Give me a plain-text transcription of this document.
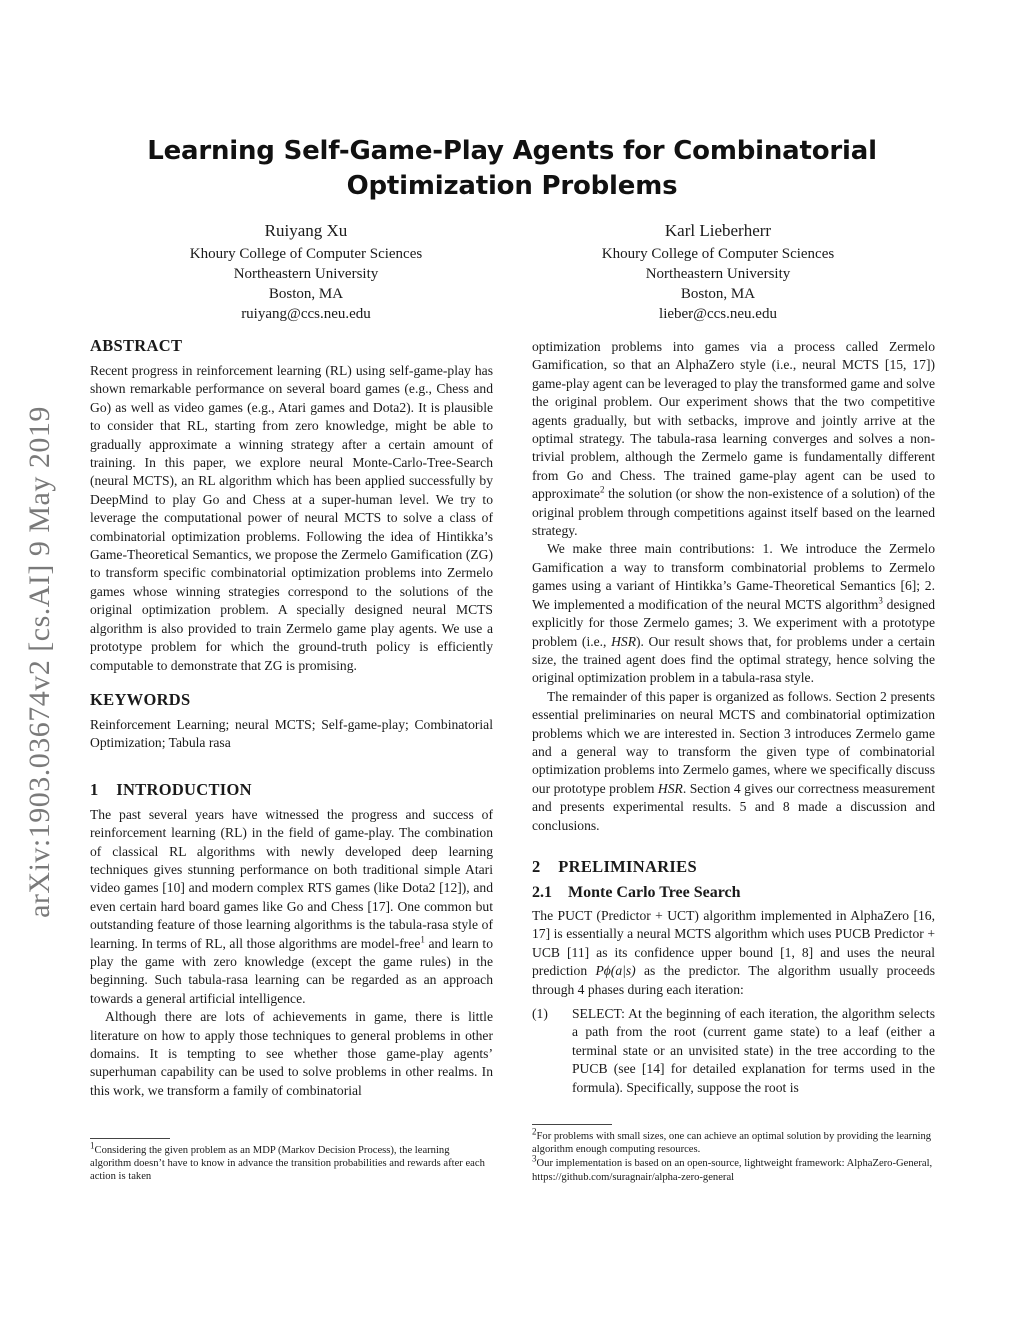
arXiv:1903.03674v2 [cs.AI] 9 May 2019
Learning Self-Game-Play Agents for Combinatorial
Optimization Problems
Ruiyang Xu
Khoury College of Computer Sciences
Northeastern University
Boston, MA
ruiyang@ccs.neu.edu
Karl Lieberherr
Khoury College of Computer Sciences
Northeastern University
Boston, MA
lieber@ccs.neu.edu
ABSTRACT

Recent progress in reinforcement learning (RL) using self-game-play has shown remarkable performance on several board games (e.g., Chess and Go) as well as video games (e.g., Atari games and Dota2). It is plausible to consider that RL, starting from zero knowledge, might be able to gradually approximate a winning strategy after a certain amount of training. In this paper, we explore neural Monte-Carlo-Tree-Search (neural MCTS), an RL algorithm which has been applied successfully by DeepMind to play Go and Chess at a super-human level. We try to leverage the computational power of neural MCTS to solve a class of combinatorial optimization problems. Following the idea of Hintikka’s Game-Theoretical Semantics, we propose the Zermelo Gamification (ZG) to transform specific combinatorial optimization problems into Zermelo games whose winning strategies correspond to the solutions of the original optimization problem. A specially designed neural MCTS algorithm is also provided to train Zermelo game play agents. We use a prototype problem for which the ground-truth policy is efficiently computable to demonstrate that ZG is promising.

KEYWORDS

Reinforcement Learning; neural MCTS; Self-game-play; Combinatorial Optimization; Tabula rasa

1    INTRODUCTION

The past several years have witnessed the progress and success of reinforcement learning (RL) in the field of game-play. The combination of classical RL algorithms with newly developed deep learning techniques gives stunning performance on both traditional simple Atari video games [10] and modern complex RTS games (like Dota2 [12]), and even certain hard board games like Go and Chess [17]. One common but outstanding feature of those learning algorithms is the tabula-rasa style of learning. In terms of RL, all those algorithms are model-free$^1$ and learn to play the game with zero knowledge (except the game rules) in the beginning. Such tabula-rasa learning can be regarded as an approach towards a general artificial intelligence.

Although there are lots of achievements in game, there is little literature on how to apply those techniques to general problems in other domains. It is tempting to see whether those game-play agents’ superhuman capability can be used to solve problems in other realms. In this work, we transform a family of combinatorial

$^1$Considering the given problem as an MDP (Markov Decision Process), the learning algorithm doesn’t have to know in advance the transition probabilities and rewards after each action is taken

optimization problems into games via a process called Zermelo Gamification, so that an AlphaZero style (i.e., neural MCTS [15, 17]) game-play agent can be leveraged to play the transformed game and solve the original problem. Our experiment shows that the two competitive agents gradually, but with setbacks, improve and jointly arrive at the optimal strategy. The tabula-rasa learning converges and solves a non-trivial problem, although the Zermelo game is fundamentally different from Go and Chess. The trained game-play agent can be used to approximate$^2$ the solution (or show the non-existence of a solution) of the original problem through competitions against itself based on the learned strategy.

We make three main contributions: 1. We introduce the Zermelo Gamification a way to transform combinatorial problems to Zermelo games using a variant of Hintikka’s Game-Theoretical Semantics [6]; 2. We implemented a modification of the neural MCTS algorithm$^3$ designed explicitly for those Zermelo games; 3. We experiment with a prototype problem (i.e., HSR). Our result shows that, for problems under a certain size, the trained agent does find the optimal strategy, hence solving the original optimization problem in a tabula-rasa style.

The remainder of this paper is organized as follows. Section 2 presents essential preliminaries on neural MCTS and combinatorial optimization problems which we are interested in. Section 3 introduces Zermelo game and a general way to transform the given type of combinatorial optimization problems into Zermelo games, where we specifically discuss our prototype problem HSR. Section 4 gives our correctness measurement and presents experimental results. 5 and 8 made a discussion and conclusions.

2    PRELIMINARIES
2.1    Monte Carlo Tree Search

The PUCT (Predictor + UCT) algorithm implemented in AlphaZero [16, 17] is essentially a neural MCTS algorithm which uses PUCB Predictor + UCB [11] as its confidence upper bound [1, 8] and uses the neural prediction Pϕ(a|s) as the predictor. The algorithm usually proceeds through 4 phases during each iteration:

(1)	SELECT: At the beginning of each iteration, the algorithm selects a path from the root (current game state) to a leaf (either a terminal state or an unvisited state) in the tree according to the PUCB (see [14] for detailed explanation for terms used in the formula). Specifically, suppose the root is
$^2$For problems with small sizes, one can achieve an optimal solution by providing the learning algorithm enough computing resources.
$^3$Our implementation is based on an open-source, lightweight framework: AlphaZero-General, https://github.com/suragnair/alpha-zero-general
